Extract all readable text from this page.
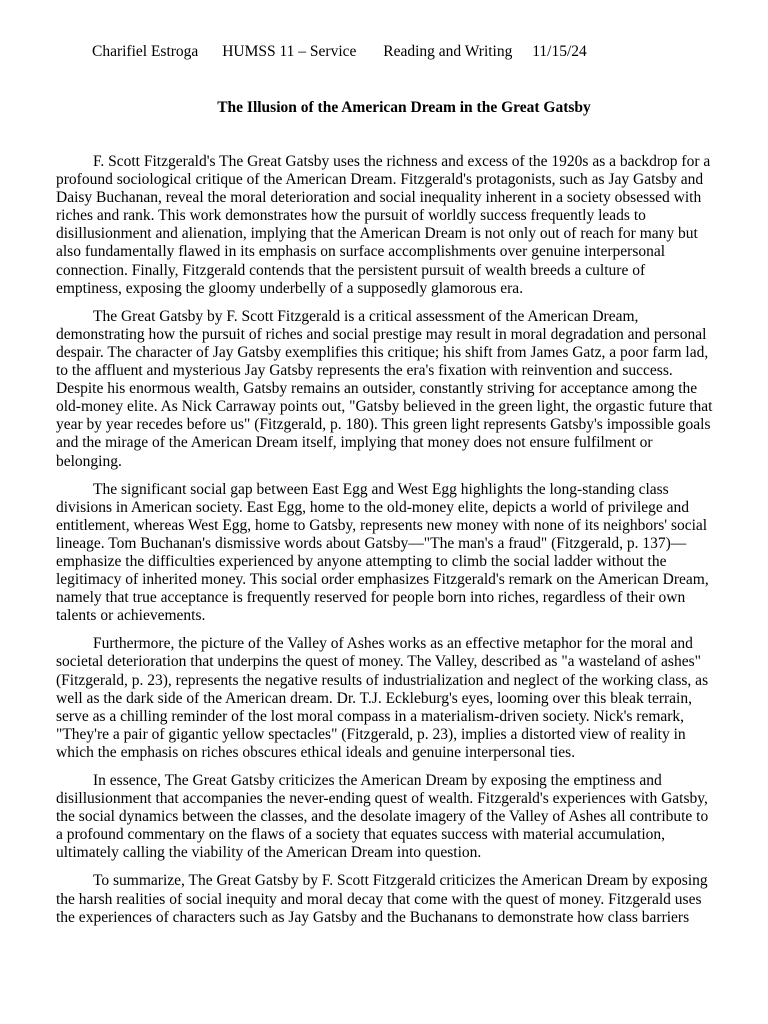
Charifiel Estroga HUMSS 11 – Service Reading and Writing 11/15/24
The Illusion of the American Dream in the Great Gatsby

F. Scott Fitzgerald's The Great Gatsby uses the richness and excess of the 1920s as a backdrop for a profound sociological critique of the American Dream. Fitzgerald's protagonists, such as Jay Gatsby and Daisy Buchanan, reveal the moral deterioration and social inequality inherent in a society obsessed with riches and rank. This work demonstrates how the pursuit of worldly success frequently leads to disillusionment and alienation, implying that the American Dream is not only out of reach for many but also fundamentally flawed in its emphasis on surface accomplishments over genuine interpersonal connection. Finally, Fitzgerald contends that the persistent pursuit of wealth breeds a culture of emptiness, exposing the gloomy underbelly of a supposedly glamorous era.

The Great Gatsby by F. Scott Fitzgerald is a critical assessment of the American Dream, demonstrating how the pursuit of riches and social prestige may result in moral degradation and personal despair. The character of Jay Gatsby exemplifies this critique; his shift from James Gatz, a poor farm lad, to the affluent and mysterious Jay Gatsby represents the era's fixation with reinvention and success. Despite his enormous wealth, Gatsby remains an outsider, constantly striving for acceptance among the old-money elite. As Nick Carraway points out, "Gatsby believed in the green light, the orgastic future that year by year recedes before us" (Fitzgerald, p. 180). This green light represents Gatsby's impossible goals and the mirage of the American Dream itself, implying that money does not ensure fulfilment or belonging.

The significant social gap between East Egg and West Egg highlights the long-standing class divisions in American society. East Egg, home to the old-money elite, depicts a world of privilege and entitlement, whereas West Egg, home to Gatsby, represents new money with none of its neighbors' social lineage. Tom Buchanan's dismissive words about Gatsby—"The man's a fraud" (Fitzgerald, p. 137)—emphasize the difficulties experienced by anyone attempting to climb the social ladder without the legitimacy of inherited money. This social order emphasizes Fitzgerald's remark on the American Dream, namely that true acceptance is frequently reserved for people born into riches, regardless of their own talents or achievements.

Furthermore, the picture of the Valley of Ashes works as an effective metaphor for the moral and societal deterioration that underpins the quest of money. The Valley, described as "a wasteland of ashes" (Fitzgerald, p. 23), represents the negative results of industrialization and neglect of the working class, as well as the dark side of the American dream. Dr. T.J. Eckleburg's eyes, looming over this bleak terrain, serve as a chilling reminder of the lost moral compass in a materialism-driven society. Nick's remark, "They're a pair of gigantic yellow spectacles" (Fitzgerald, p. 23), implies a distorted view of reality in which the emphasis on riches obscures ethical ideals and genuine interpersonal ties.

In essence, The Great Gatsby criticizes the American Dream by exposing the emptiness and disillusionment that accompanies the never-ending quest of wealth. Fitzgerald's experiences with Gatsby, the social dynamics between the classes, and the desolate imagery of the Valley of Ashes all contribute to a profound commentary on the flaws of a society that equates success with material accumulation, ultimately calling the viability of the American Dream into question.

To summarize, The Great Gatsby by F. Scott Fitzgerald criticizes the American Dream by exposing the harsh realities of social inequity and moral decay that come with the quest of money. Fitzgerald uses the experiences of characters such as Jay Gatsby and the Buchanans to demonstrate how class barriers
